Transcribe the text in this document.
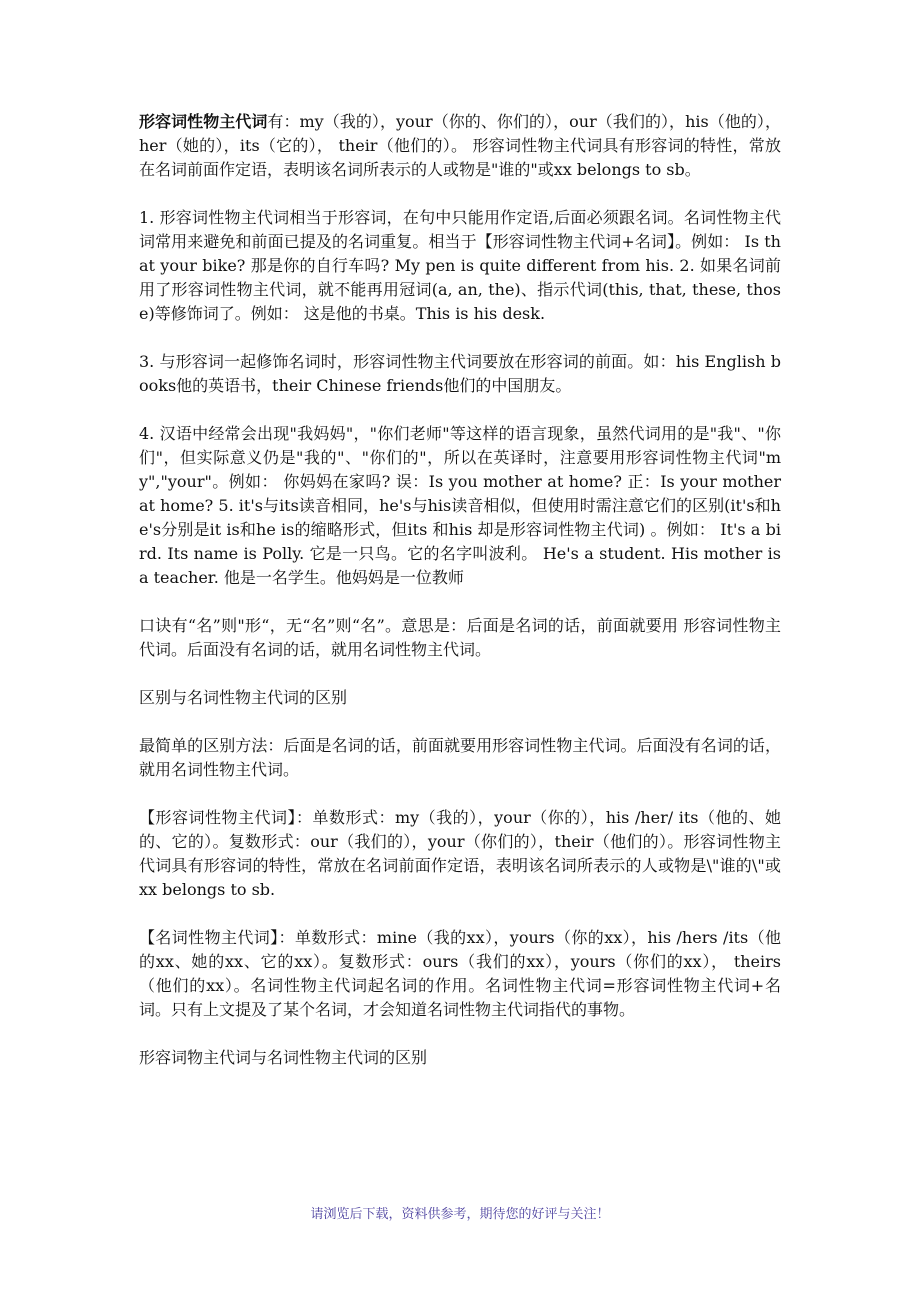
形容词性物主代词有：my（我的），your（你的、你们的），our（我们的），his（他的），her（她的），its（它的）， their（他们的）。 形容词性物主代词具有形容词的特性，常放在名词前面作定语，表明该名词所表示的人或物是"谁的"或xx belongs to sb。

1. 形容词性物主代词相当于形容词，在句中只能用作定语,后面必须跟名词。名词性物主代词常用来避免和前面已提及的名词重复。相当于【形容词性物主代词+名词】。例如： Is that your bike? 那是你的自行车吗? My pen is quite different from his. 2. 如果名词前用了形容词性物主代词，就不能再用冠词(a, an, the)、指示代词(this, that, these, those)等修饰词了。例如： 这是他的书桌。This is his desk.

3. 与形容词一起修饰名词时，形容词性物主代词要放在形容词的前面。如：his English books他的英语书，their Chinese friends他们的中国朋友。

4. 汉语中经常会出现"我妈妈"，"你们老师"等这样的语言现象，虽然代词用的是"我"、"你们"，但实际意义仍是"我的"、"你们的"，所以在英译时，注意要用形容词性物主代词"my","your"。例如： 你妈妈在家吗? 误：Is you mother at home? 正：Is your mother at home? 5. it's与its读音相同，he's与his读音相似，但使用时需注意它们的区别(it's和he's分别是it is和he is的缩略形式，但its 和his 却是形容词性物主代词) 。例如： It's a bird. Its name is Polly. 它是一只鸟。它的名字叫波利。 He's a student. His mother is a teacher. 他是一名学生。他妈妈是一位教师

口诀有“名”则"形“，无“名”则“名”。意思是：后面是名词的话，前面就要用 形容词性物主代词。后面没有名词的话，就用名词性物主代词。

区别与名词性物主代词的区别

最简单的区别方法：后面是名词的话，前面就要用形容词性物主代词。后面没有名词的话，就用名词性物主代词。

【形容词性物主代词】：单数形式：my（我的），your（你的），his /her/ its（他的、她的、它的）。复数形式：our（我们的），your（你们的），their（他们的）。形容词性物主代词具有形容词的特性，常放在名词前面作定语，表明该名词所表示的人或物是\"谁的\"或xx belongs to sb.

【名词性物主代词】：单数形式：mine（我的xx），yours（你的xx），his /hers /its（他的xx、她的xx、它的xx）。复数形式：ours（我们的xx），yours（你们的xx）， theirs（他们的xx）。名词性物主代词起名词的作用。名词性物主代词=形容词性物主代词+名词。只有上文提及了某个名词，才会知道名词性物主代词指代的事物。

形容词物主代词与名词性物主代词的区别
请浏览后下载，资料供参考，期待您的好评与关注！
